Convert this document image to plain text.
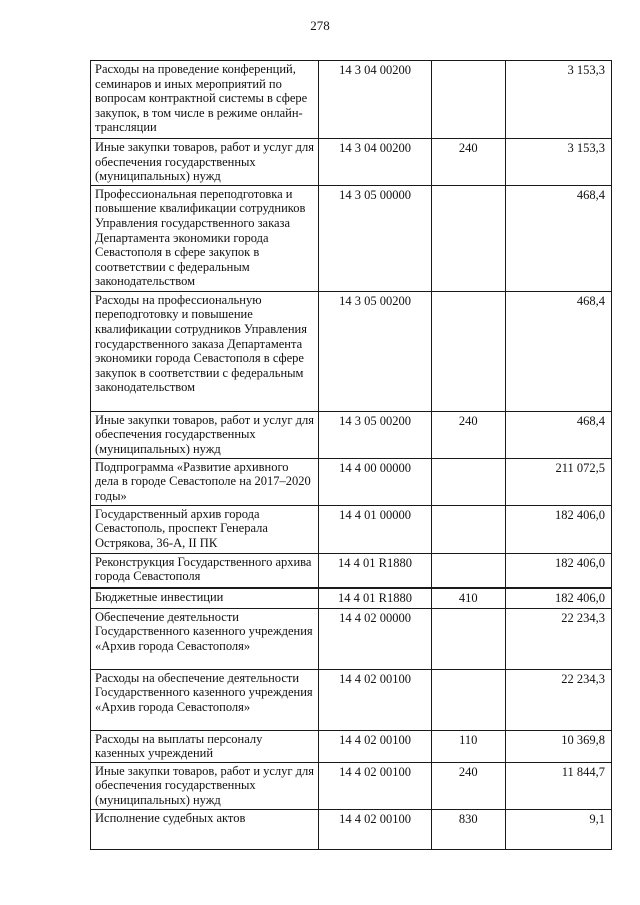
278
Расходы на проведение конференций, семинаров и иных мероприятий по вопросам контрактной системы в сфере закупок, в том числе в режиме онлайн-трансляции	14 3 04 00200		3 153,3
Иные закупки товаров, работ и услуг для обеспечения государственных (муниципальных) нужд	14 3 04 00200	240	3 153,3
Профессиональная переподготовка и повышение квалификации сотрудников Управления государственного заказа Департамента экономики города Севастополя в сфере закупок в соответствии с федеральным законодательством	14 3 05 00000		468,4
Расходы на профессиональную переподготовку и повышение квалификации сотрудников Управления государственного заказа Департамента экономики города Севастополя в сфере закупок в соответствии с федеральным законодательством	14 3 05 00200		468,4
Иные закупки товаров, работ и услуг для обеспечения государственных (муниципальных) нужд	14 3 05 00200	240	468,4
Подпрограмма «Развитие архивного дела в городе Севастополе на 2017–2020 годы»	14 4 00 00000		211 072,5
Государственный архив города Севастополь, проспект Генерала Острякова, 36-А, II ПК	14 4 01 00000		182 406,0
Реконструкция Государственного архива города Севастополя	14 4 01 R1880		182 406,0
Бюджетные инвестиции	14 4 01 R1880	410	182 406,0
Обеспечение деятельности Государственного казенного учреждения «Архив города Севастополя»	14 4 02 00000		22 234,3
Расходы на обеспечение деятельности Государственного казенного учреждения «Архив города Севастополя»	14 4 02 00100		22 234,3
Расходы на выплаты персоналу казенных учреждений	14 4 02 00100	110	10 369,8
Иные закупки товаров, работ и услуг для обеспечения государственных (муниципальных) нужд	14 4 02 00100	240	11 844,7
Исполнение судебных актов	14 4 02 00100	830	9,1
